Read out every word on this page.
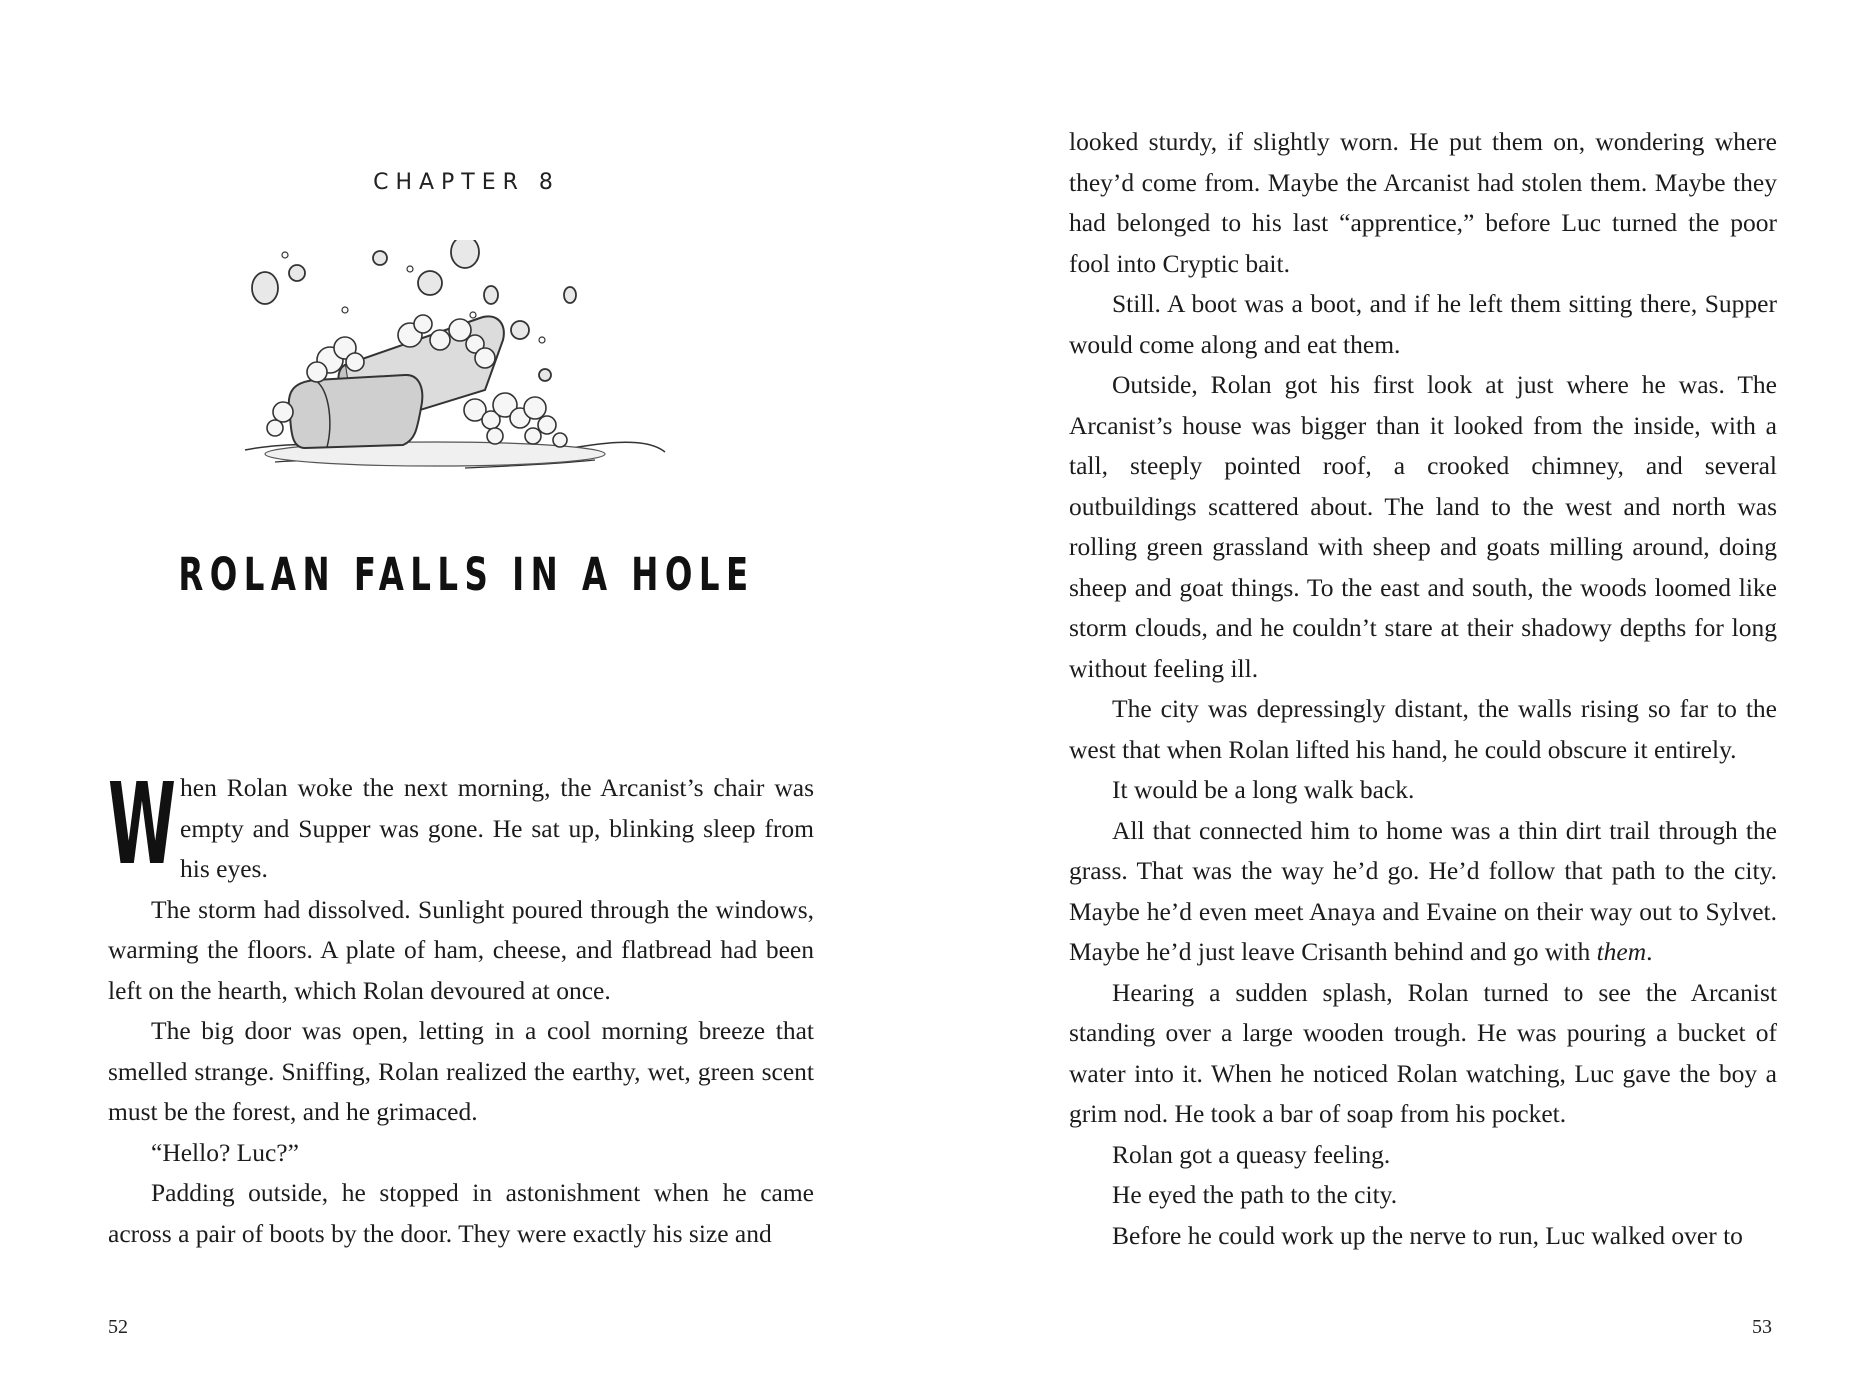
CHAPTER 8
ROLAN FALLS IN A HOLE

When Rolan woke the next morning, the Arcanist’s chair was empty and Supper was gone. He sat up, blinking sleep from his eyes.

The storm had dissolved. Sunlight poured through the windows, warming the floors. A plate of ham, cheese, and flatbread had been left on the hearth, which Rolan devoured at once.

The big door was open, letting in a cool morning breeze that smelled strange. Sniffing, Rolan realized the earthy, wet, green scent must be the forest, and he grimaced.

“Hello? Luc?”

Padding outside, he stopped in astonishment when he came across a pair of boots by the door. They were exactly his size and

52

looked sturdy, if slightly worn. He put them on, wondering where they’d come from. Maybe the Arcanist had stolen them. Maybe they had belonged to his last “apprentice,” before Luc turned the poor fool into Cryptic bait.

Still. A boot was a boot, and if he left them sitting there, Supper would come along and eat them.

Outside, Rolan got his first look at just where he was. The Arcanist’s house was bigger than it looked from the inside, with a tall, steeply pointed roof, a crooked chimney, and several outbuildings scattered about. The land to the west and north was rolling green grassland with sheep and goats milling around, doing sheep and goat things. To the east and south, the woods loomed like storm clouds, and he couldn’t stare at their shadowy depths for long without feeling ill.

The city was depressingly distant, the walls rising so far to the west that when Rolan lifted his hand, he could obscure it entirely.

It would be a long walk back.

All that connected him to home was a thin dirt trail through the grass. That was the way he’d go. He’d follow that path to the city. Maybe he’d even meet Anaya and Evaine on their way out to Sylvet. Maybe he’d just leave Crisanth behind and go with them.

Hearing a sudden splash, Rolan turned to see the Arcanist standing over a large wooden trough. He was pouring a bucket of water into it. When he noticed Rolan watching, Luc gave the boy a grim nod. He took a bar of soap from his pocket.

Rolan got a queasy feeling.

He eyed the path to the city.

Before he could work up the nerve to run, Luc walked over to

53
